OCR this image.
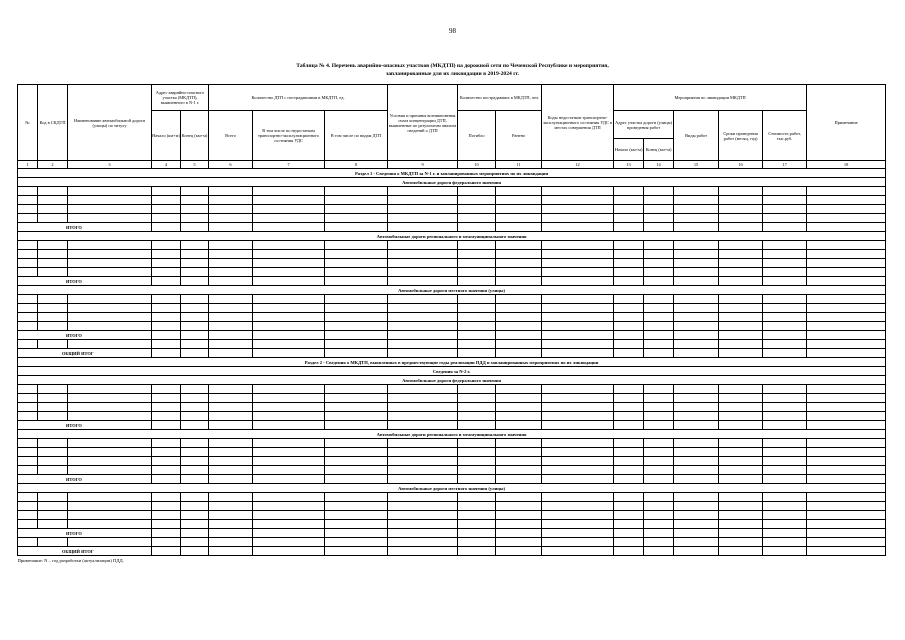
98
Таблица № 4. Перечень аварийно-опасных участков (МКДТП) на дорожной сети по Чеченской Республике и мероприятия,
запланированные для их ликвидации в 2019-2024 гг.
№	Код в СКДТП	Наименование автомобильной дороги (улицы) по титулу	Адрес аварийно-опасного участка (МКДТП), выявленного в N-1 г.		Количество ДТП с пострадавшими в МКДТП, ед.			Условия и причины возникновения очага концентрации ДТП, выявленные по результатам анализа сведений о ДТП	Количество пострадавших в МКДТП, чел.		Коды недостатков транспортно-эксплуатационного состояния УДС в местах совершения ДТП	Мероприятия по ликвидации МКДТП					Примечание
			Начало (км+м)	Конец (км+м)	Всего	В том числе по недостаткам транспортно-эксплуатационного состояния УДС	В том числе по видам ДТП		Погибло	Ранено		Адрес участка дороги (улицы) проведения работ		Виды работ	Сроки проведения работ (месяц, год)	Стоимость работ, тыс.руб.	
												Начало (км+м)	Конец (км+м)				
1	2	3	4	5	6	7	8	9	10	11	12	13	14	15	16	17	18
Раздел 1 - Сведения о МКДТП за N-1 г. и запланированных мероприятиях по их ликвидации																	
Автомобильные дороги федерального значения																	

ИТОГО																	
Автомобильные дороги регионального и межмуниципального значения																	

ИТОГО																	
Автомобильные дороги местного значения (улицы)																	

ИТОГО																	

ОБЩИЙ ИТОГ																	
Раздел 2 - Сведения о МКДТП, выявленных в предшествующие годы реализации ПДД и запланированных мероприятиях по их ликвидации																	
Сведения за N-2 г.																	
Автомобильные дороги федерального значения																	

ИТОГО																	
Автомобильные дороги регионального и межмуниципального значения																	

ИТОГО																	
Автомобильные дороги местного значения (улицы)																	

ИТОГО																	

ОБЩИЙ ИТОГ																	
Примечание: N – год разработки (актуализации) ПДД.																	
